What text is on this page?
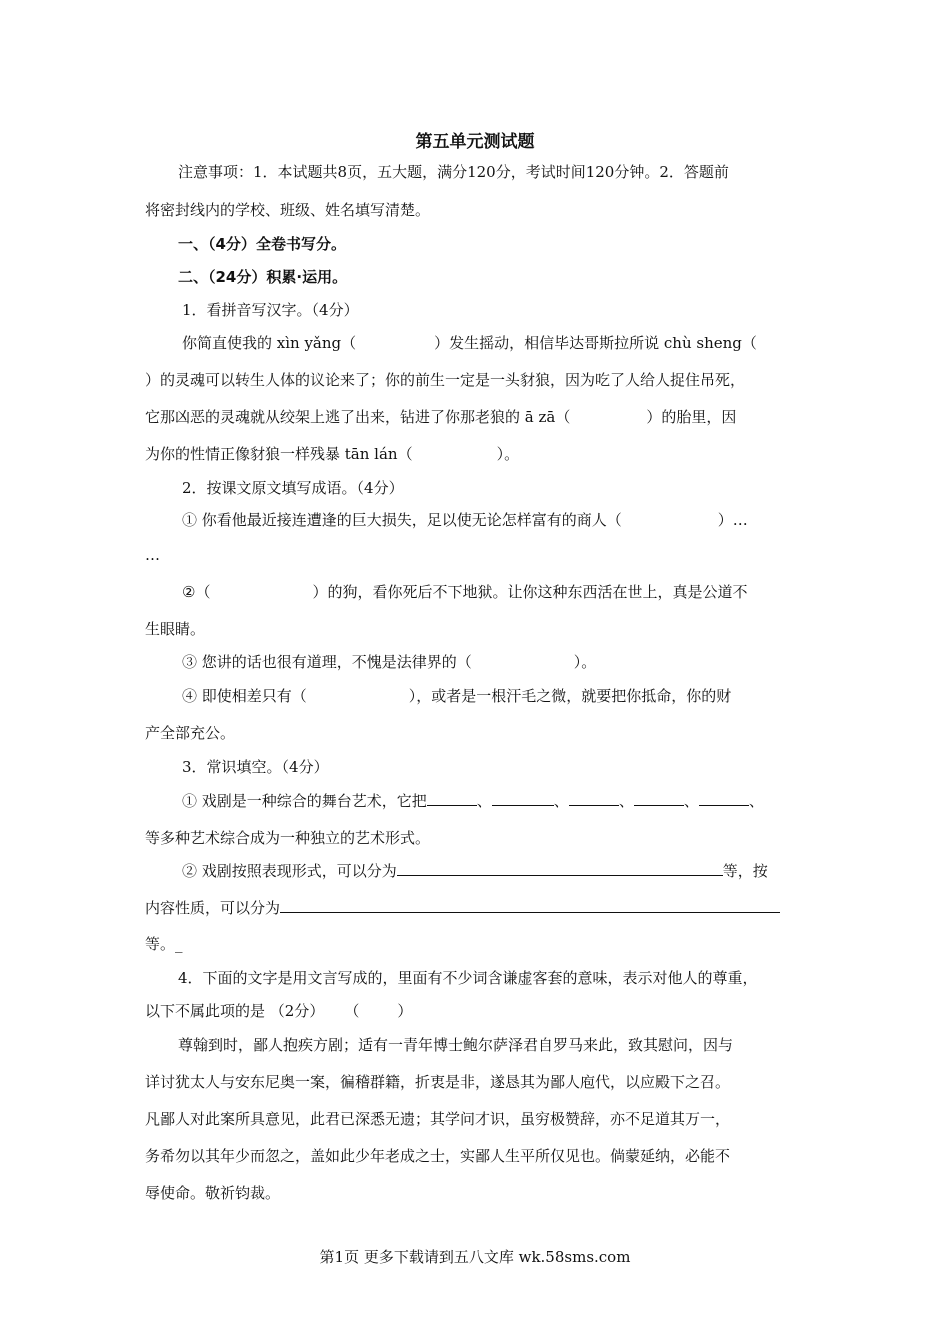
第五单元测试题
注意事项：1．本试题共8页，五大题，满分120分，考试时间120分钟。2．答题前
将密封线内的学校、班级、姓名填写清楚。
一、（4分）全卷书写分。
二、（24分）积累·运用。
1．看拼音写汉字。（4分）
你简直使我的 xìn yǎng（	）发生摇动，相信毕达哥斯拉所说 chù sheng（
）的灵魂可以转生人体的议论来了；你的前生一定是一头豺狼，因为吃了人给人捉住吊死，
它那凶恶的灵魂就从绞架上逃了出来，钻进了你那老狼的 ā zā（	）的胎里，因
为你的性情正像豺狼一样残暴 tān lán（	）。
2．按课文原文填写成语。（4分）
① 你看他最近接连遭逢的巨大损失，足以使无论怎样富有的商人（	）…
…
②（	）的狗，看你死后不下地狱。让你这种东西活在世上，真是公道不
生眼睛。
③ 您讲的话也很有道理，不愧是法律界的（	）。
④ 即使相差只有（	），或者是一根汗毛之微，就要把你抵命，你的财
产全部充公。
3．常识填空。（4分）
① 戏剧是一种综合的舞台艺术，它把	、	、	、	、	、
等多种艺术综合成为一种独立的艺术形式。
② 戏剧按照表现形式，可以分为	等，按
内容性质，可以分为
等。_
4．下面的文字是用文言写成的，里面有不少词含谦虚客套的意味，表示对他人的尊重，
以下不属此项的是 （2分） （	）
尊翰到时，鄙人抱疾方剧；适有一青年博士鲍尔萨泽君自罗马来此，致其慰问，因与
详讨犹太人与安东尼奥一案，徧稽群籍，折衷是非，遂恳其为鄙人庖代，以应殿下之召。
凡鄙人对此案所具意见，此君已深悉无遗；其学问才识，虽穷极赞辞，亦不足道其万一，
务希勿以其年少而忽之，盖如此少年老成之士，实鄙人生平所仅见也。倘蒙延纳，必能不
辱使命。敬祈钧裁。
第1页 更多下载请到五八文库 wk.58sms.com
